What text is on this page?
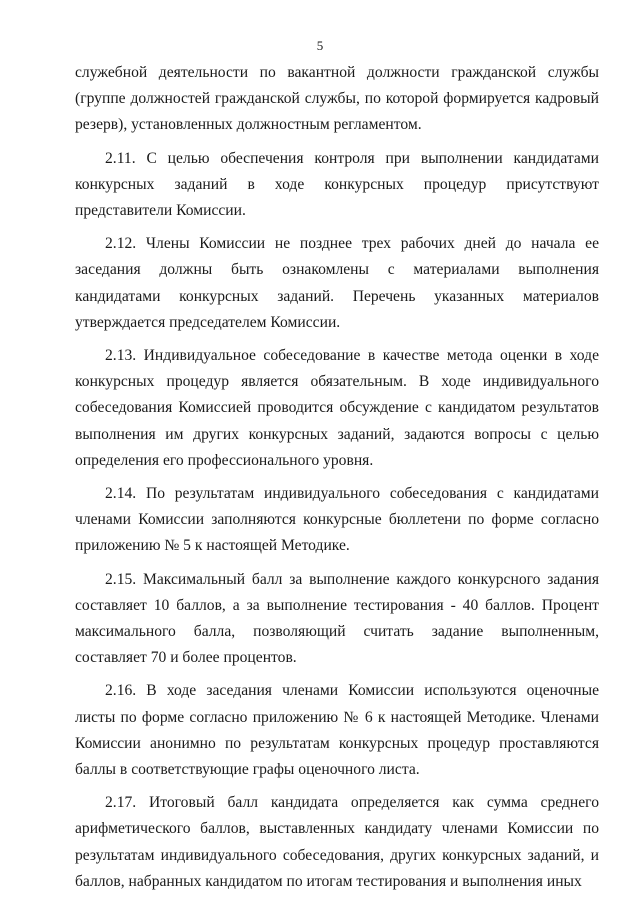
5

служебной деятельности по вакантной должности гражданской службы (группе должностей гражданской службы, по которой формируется кадровый резерв), установленных должностным регламентом.

2.11. С целью обеспечения контроля при выполнении кандидатами конкурсных заданий в ходе конкурсных процедур присутствуют представители Комиссии.

2.12. Члены Комиссии не позднее трех рабочих дней до начала ее заседания должны быть ознакомлены с материалами выполнения кандидатами конкурсных заданий. Перечень указанных материалов утверждается председателем Комиссии.

2.13. Индивидуальное собеседование в качестве метода оценки в ходе конкурсных процедур является обязательным. В ходе индивидуального собеседования Комиссией проводится обсуждение с кандидатом результатов выполнения им других конкурсных заданий, задаются вопросы с целью определения его профессионального уровня.

2.14. По результатам индивидуального собеседования с кандидатами членами Комиссии заполняются конкурсные бюллетени по форме согласно приложению № 5 к настоящей Методике.

2.15. Максимальный балл за выполнение каждого конкурсного задания составляет 10 баллов, а за выполнение тестирования - 40 баллов. Процент максимального балла, позволяющий считать задание выполненным, составляет 70 и более процентов.

2.16. В ходе заседания членами Комиссии используются оценочные листы по форме согласно приложению № 6 к настоящей Методике. Членами Комиссии анонимно по результатам конкурсных процедур проставляются баллы в соответствующие графы оценочного листа.

2.17. Итоговый балл кандидата определяется как сумма среднего арифметического баллов, выставленных кандидату членами Комиссии по результатам индивидуального собеседования, других конкурсных заданий, и баллов, набранных кандидатом по итогам тестирования и выполнения иных
